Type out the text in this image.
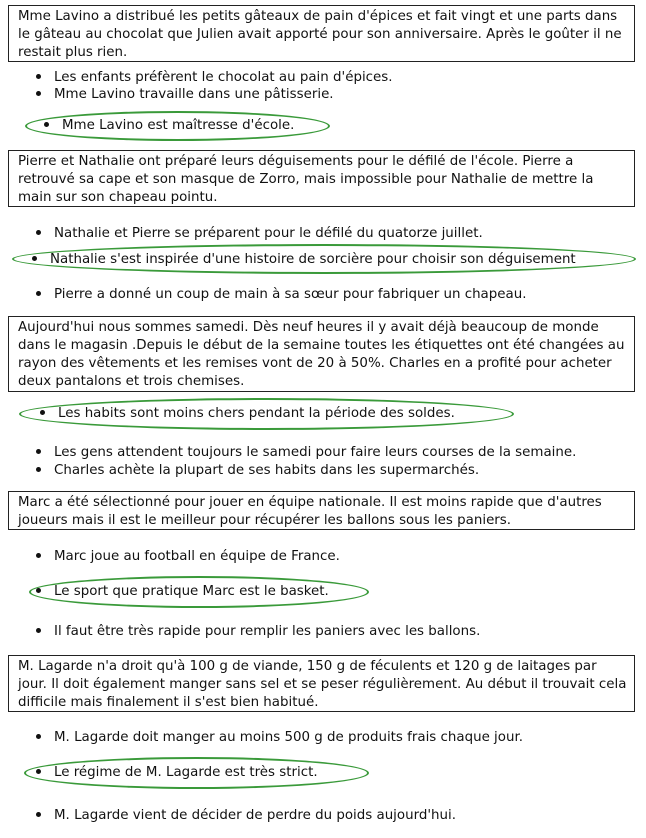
Mme Lavino a distribué les petits gâteaux de pain d'épices et fait vingt et une parts dans le gâteau au chocolat que Julien avait apporté pour son anniversaire. Après le goûter il ne restait plus rien.
Les enfants préfèrent le chocolat au pain d'épices.
Mme Lavino travaille dans une pâtisserie.
Mme Lavino est maîtresse d'école.
Pierre et Nathalie ont préparé leurs déguisements pour le défilé de l'école. Pierre a retrouvé sa cape et son masque de Zorro, mais impossible pour Nathalie de mettre la main sur son chapeau pointu.
Nathalie et Pierre se préparent pour le défilé du quatorze juillet.
Nathalie s'est inspirée d'une histoire de sorcière pour choisir son déguisement
Pierre a donné un coup de main à sa sœur pour fabriquer un chapeau.
Aujourd'hui nous sommes samedi. Dès neuf heures il y avait déjà beaucoup de monde dans le magasin .Depuis le début de la semaine toutes les étiquettes ont été changées au rayon des vêtements et les remises vont de 20 à 50%. Charles en a profité pour acheter deux pantalons et trois chemises.
Les habits sont moins chers pendant la période des soldes.
Les gens attendent toujours le samedi pour faire leurs courses de la semaine.
Charles achète la plupart de ses habits dans les supermarchés.
Marc a été sélectionné pour jouer en équipe nationale. Il est moins rapide que d'autres joueurs mais il est le meilleur pour récupérer les ballons sous les paniers.
Marc joue au football en équipe de France.
Le sport que pratique Marc est le basket.
Il faut être très rapide pour remplir les paniers avec les ballons.
M. Lagarde n'a droit qu'à 100 g de viande, 150 g de féculents et 120 g de laitages par jour. Il doit également manger sans sel et se peser régulièrement. Au début il trouvait cela difficile mais finalement il s'est bien habitué.
M. Lagarde doit manger au moins 500 g de produits frais chaque jour.
Le régime de M. Lagarde est très strict.
M. Lagarde vient de décider de perdre du poids aujourd'hui.
